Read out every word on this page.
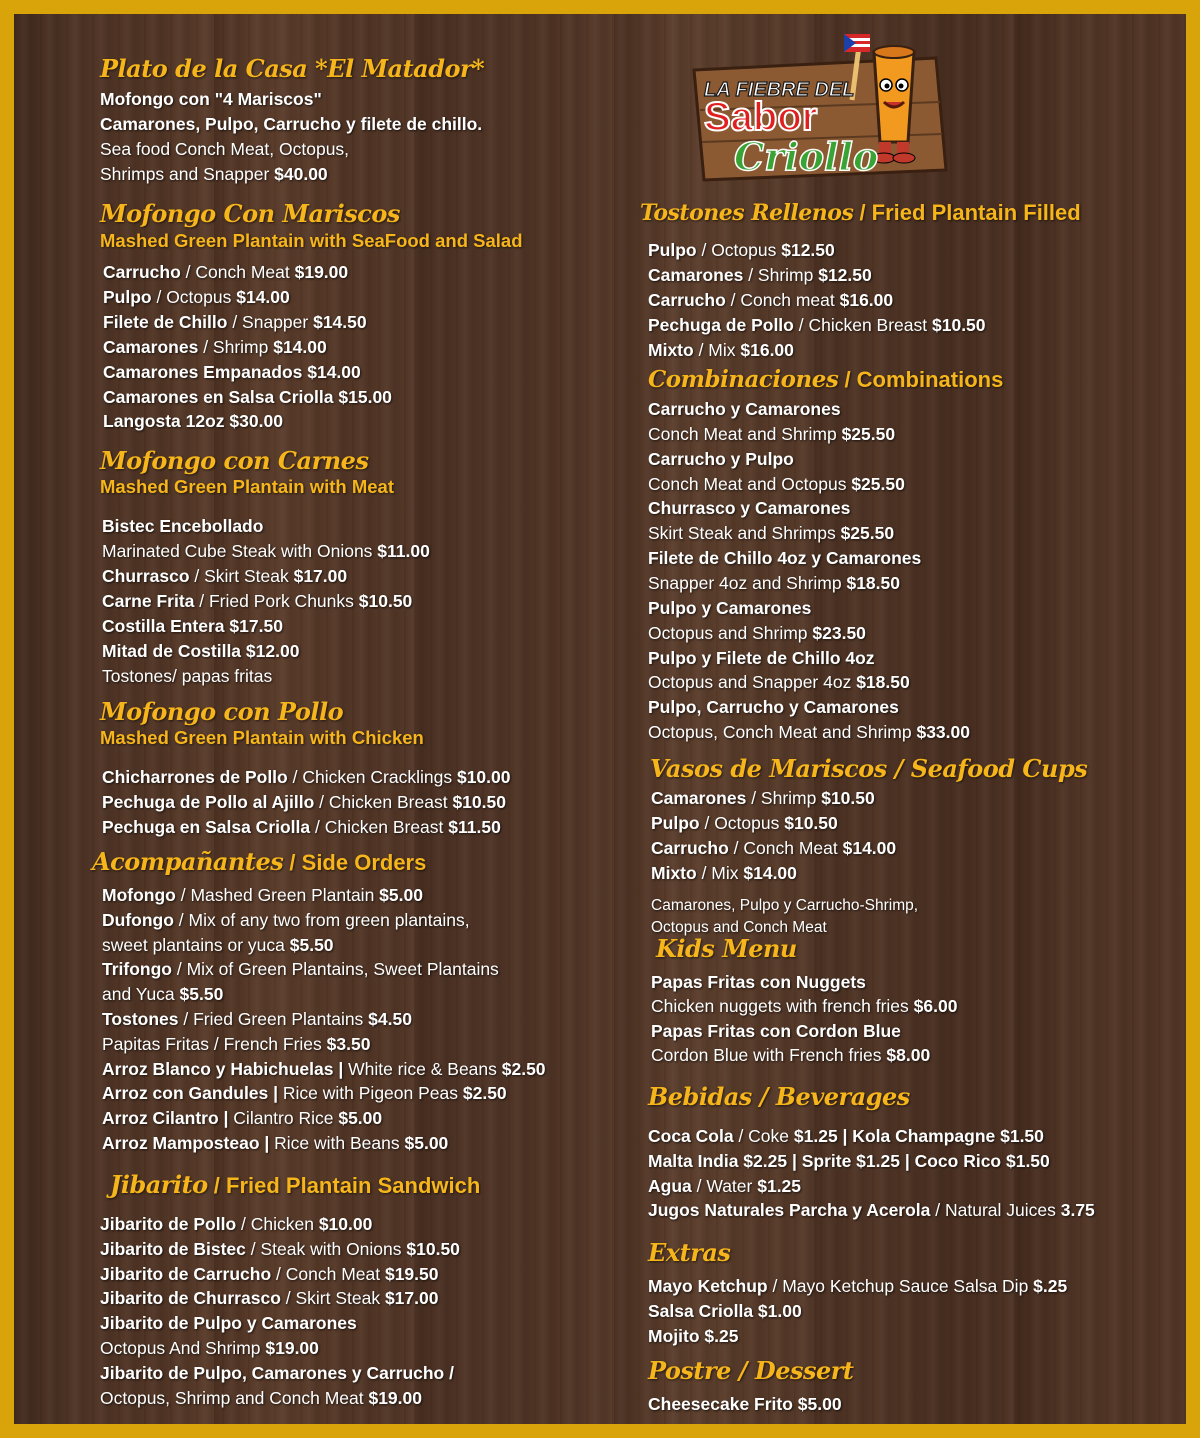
LA FIEBRE DEL
Sabor
Criollo
Plato de la Casa *El Matador*
Mofongo con "4 Mariscos"
Camarones, Pulpo, Carrucho y filete de chillo.
Sea food Conch Meat, Octopus,
Shrimps and Snapper $40.00
Mofongo Con Mariscos
Mashed Green Plantain with SeaFood and Salad
Carrucho / Conch Meat $19.00
Pulpo / Octopus $14.00
Filete de Chillo / Snapper $14.50
Camarones / Shrimp $14.00
Camarones Empanados $14.00
Camarones en Salsa Criolla $15.00
Langosta 12oz $30.00
Mofongo con Carnes
Mashed Green Plantain with Meat
Bistec Encebollado
Marinated Cube Steak with Onions $11.00
Churrasco / Skirt Steak $17.00
Carne Frita / Fried Pork Chunks $10.50
Costilla Entera $17.50
Mitad de Costilla $12.00
Tostones/ papas fritas
Mofongo con Pollo
Mashed Green Plantain with Chicken
Chicharrones de Pollo / Chicken Cracklings $10.00
Pechuga de Pollo al Ajillo / Chicken Breast $10.50
Pechuga en Salsa Criolla / Chicken Breast $11.50
Acompañantes / Side Orders
Mofongo / Mashed Green Plantain $5.00
Dufongo / Mix of any two from green plantains,
sweet plantains or yuca $5.50
Trifongo / Mix of Green Plantains, Sweet Plantains
and Yuca $5.50
Tostones / Fried Green Plantains $4.50
Papitas Fritas / French Fries $3.50
Arroz Blanco y Habichuelas | White rice & Beans $2.50
Arroz con Gandules | Rice with Pigeon Peas $2.50
Arroz Cilantro | Cilantro Rice $5.00
Arroz Mamposteao | Rice with Beans $5.00
Jibarito / Fried Plantain Sandwich
Jibarito de Pollo / Chicken $10.00
Jibarito de Bistec / Steak with Onions $10.50
Jibarito de Carrucho / Conch Meat $19.50
Jibarito de Churrasco / Skirt Steak $17.00
Jibarito de Pulpo y Camarones
Octopus And Shrimp $19.00
Jibarito de Pulpo, Camarones y Carrucho /
Octopus, Shrimp and Conch Meat $19.00
Tostones Rellenos / Fried Plantain Filled
Pulpo / Octopus $12.50
Camarones / Shrimp $12.50
Carrucho / Conch meat $16.00
Pechuga de Pollo / Chicken Breast $10.50
Mixto / Mix $16.00
Combinaciones / Combinations
Carrucho y Camarones
Conch Meat and Shrimp $25.50
Carrucho y Pulpo
Conch Meat and Octopus $25.50
Churrasco y Camarones
Skirt Steak and Shrimps $25.50
Filete de Chillo 4oz y Camarones
Snapper 4oz and Shrimp $18.50
Pulpo y Camarones
Octopus and Shrimp $23.50
Pulpo y Filete de Chillo 4oz
Octopus and Snapper 4oz $18.50
Pulpo, Carrucho y Camarones
Octopus, Conch Meat and Shrimp $33.00
Vasos de Mariscos / Seafood Cups
Camarones / Shrimp $10.50
Pulpo / Octopus $10.50
Carrucho / Conch Meat $14.00
Mixto / Mix $14.00
Camarones, Pulpo y Carrucho-Shrimp,
Octopus and Conch Meat
Kids Menu
Papas Fritas con Nuggets
Chicken nuggets with french fries $6.00
Papas Fritas con Cordon Blue
Cordon Blue with French fries $8.00
Bebidas / Beverages
Coca Cola / Coke $1.25 | Kola Champagne $1.50
Malta India $2.25 | Sprite $1.25 | Coco Rico $1.50
Agua / Water $1.25
Jugos Naturales Parcha y Acerola / Natural Juices 3.75
Extras
Mayo Ketchup / Mayo Ketchup Sauce Salsa Dip $.25
Salsa Criolla $1.00
Mojito $.25
Postre / Dessert
Cheesecake Frito $5.00
